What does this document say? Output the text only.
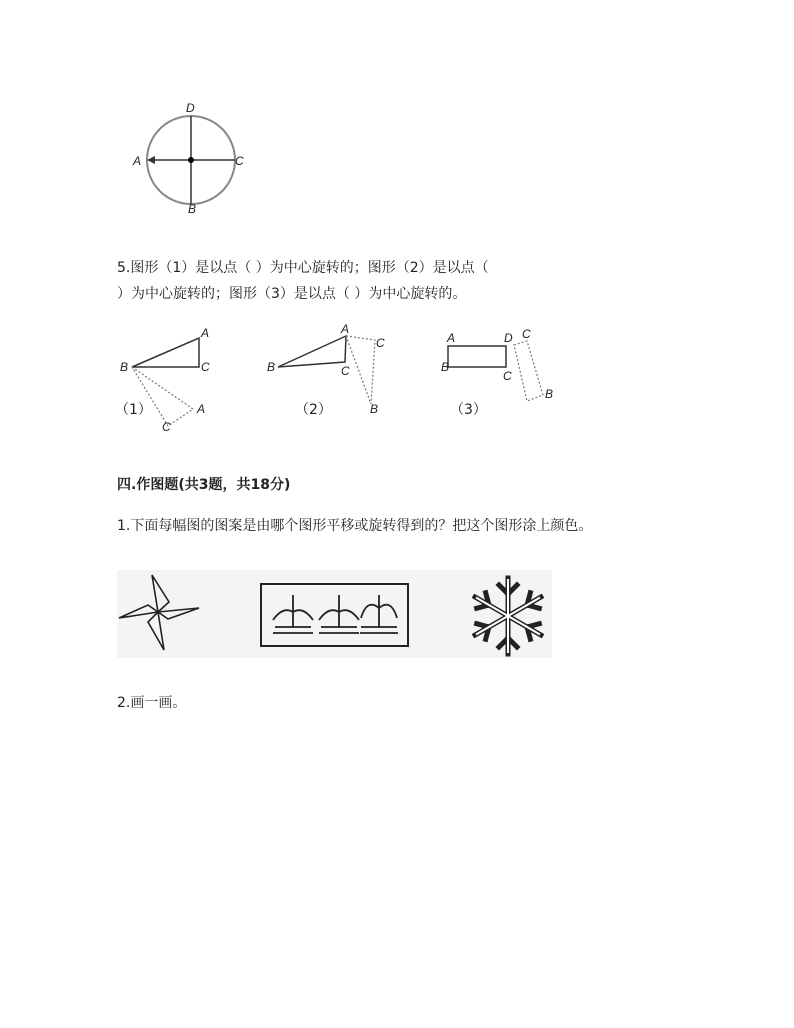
D
A	C
B
5.图形（1）是以点（ ）为中心旋转的；图形（2）是以点（
）为中心旋转的；图形（3）是以点（ ）为中心旋转的。
A
B	C
A
C
（1）
A
B	C
C
B
（2）
A
B
D
C
C
B
（3）
四.作图题(共3题，共18分)
1.下面每幅图的图案是由哪个图形平移或旋转得到的？把这个图形涂上颜色。
2.画一画。
